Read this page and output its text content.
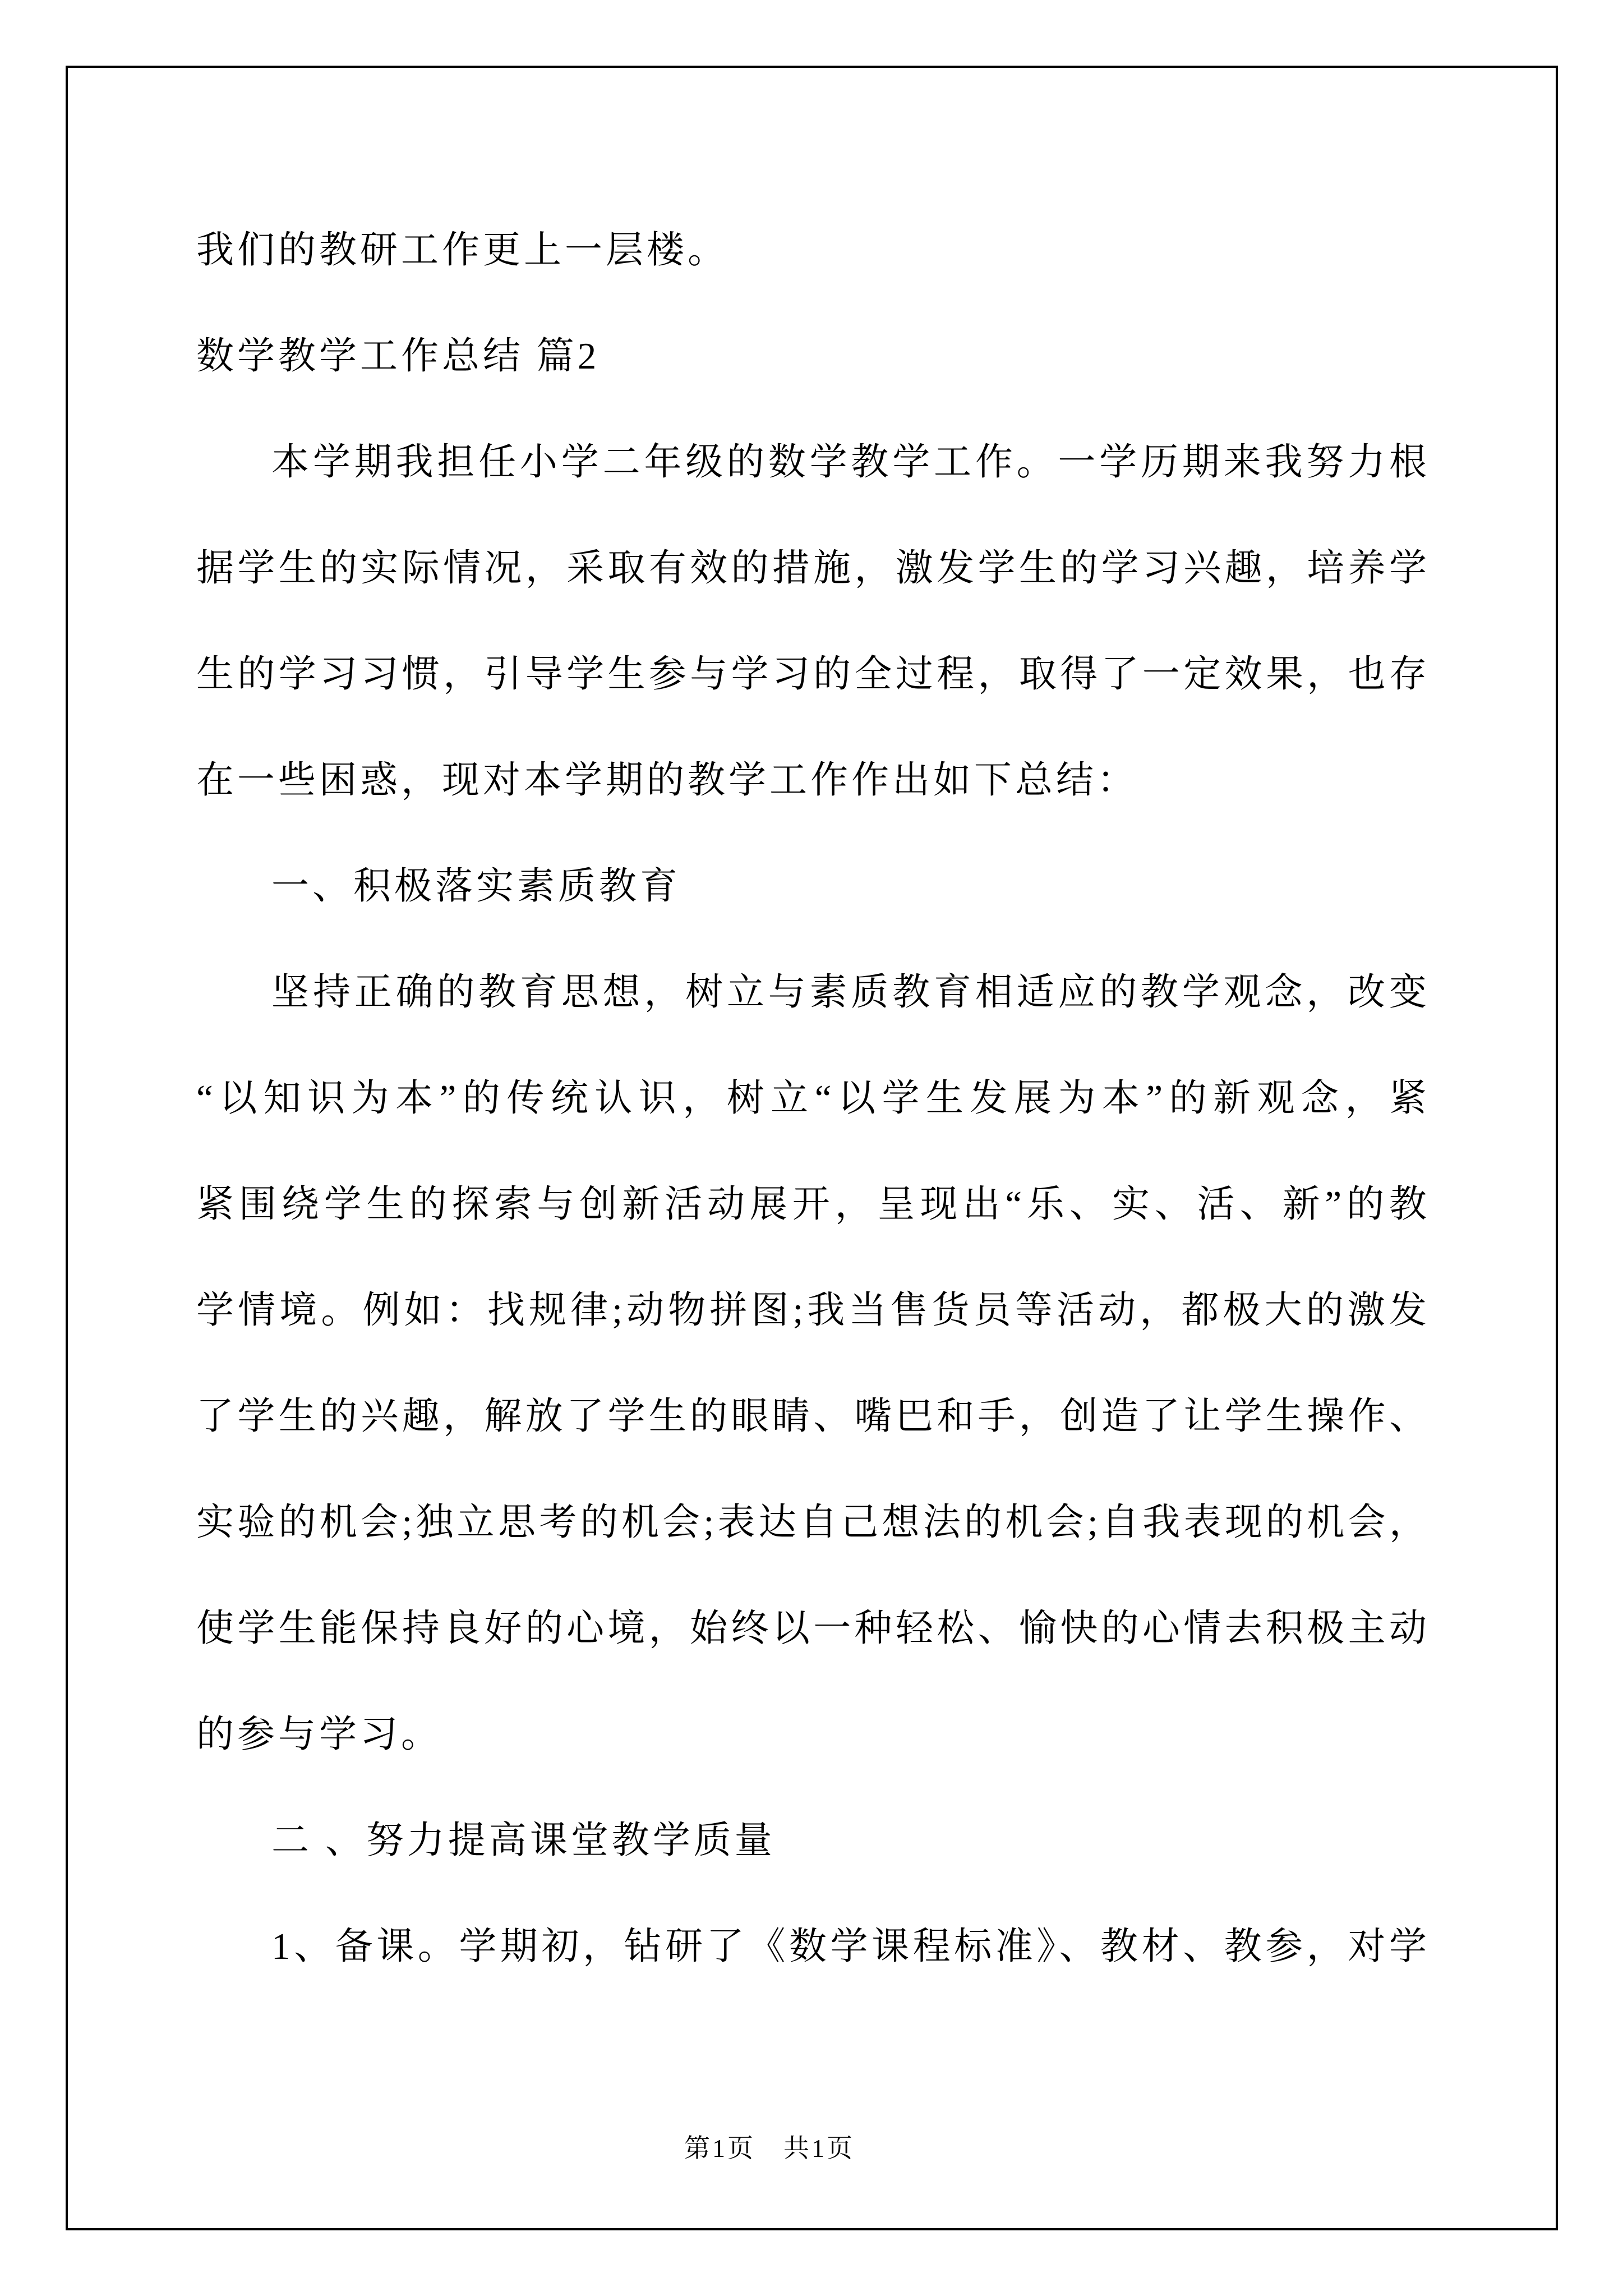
我们的教研工作更上一层楼。
数学教学工作总结 篇2
本学期我担任小学二年级的数学教学工作。一学历期来我努力根
据学生的实际情况，采取有效的措施，激发学生的学习兴趣，培养学
生的学习习惯，引导学生参与学习的全过程，取得了一定效果，也存
在一些困惑，现对本学期的教学工作作出如下总结：
一、积极落实素质教育
坚持正确的教育思想，树立与素质教育相适应的教学观念，改变
“以知识为本”的传统认识，树立“以学生发展为本”的新观念，紧
紧围绕学生的探索与创新活动展开，呈现出“乐、实、活、新”的教
学情境。例如：找规律;动物拼图;我当售货员等活动，都极大的激发
了学生的兴趣，解放了学生的眼睛、嘴巴和手，创造了让学生操作、
实验的机会;独立思考的机会;表达自己想法的机会;自我表现的机会，
使学生能保持良好的心境，始终以一种轻松、愉快的心情去积极主动
的参与学习。
二 、努力提高课堂教学质量
1、备课。学期初，钻研了《数学课程标准》、教材、教参，对学
第1页　共1页
